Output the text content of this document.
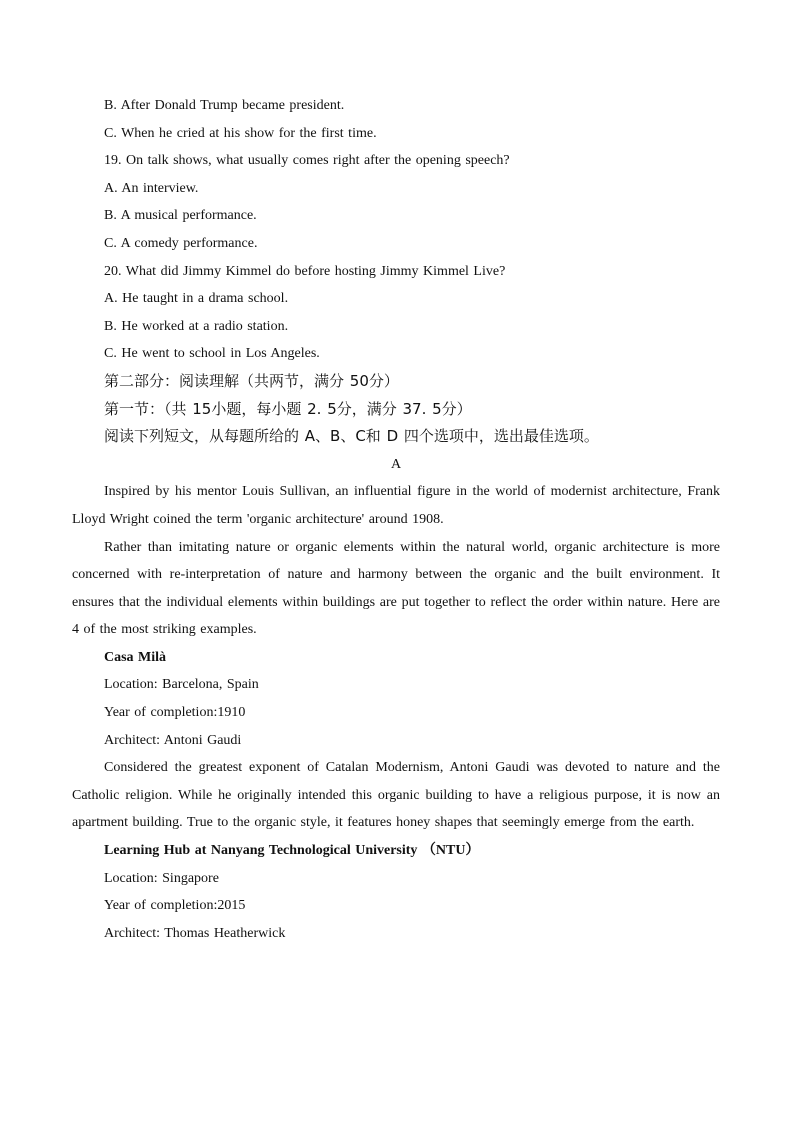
B. After Donald Trump became president.
C. When he cried at his show for the first time.
19. On talk shows, what usually comes right after the opening speech?
A. An interview.
B. A musical performance.
C. A comedy performance.
20. What did Jimmy Kimmel do before hosting Jimmy Kimmel Live?
A. He taught in a drama school.
B. He worked at a radio station.
C. He went to school in Los Angeles.
第二部分：阅读理解（共两节，满分 50分）
第一节：（共 15小题，每小题 2. 5分，满分 37. 5分）
阅读下列短文，从每题所给的 A、B、C和 D 四个选项中，选出最佳选项。
A
Inspired by his mentor Louis Sullivan, an influential figure in the world of modernist architecture, Frank Lloyd Wright coined the term 'organic architecture' around 1908.
Rather than imitating nature or organic elements within the natural world, organic architecture is more concerned with re-interpretation of nature and harmony between the organic and the built environment. It ensures that the individual elements within buildings are put together to reflect the order within nature. Here are 4 of the most striking examples.
Casa Milà
Location: Barcelona, Spain
Year of completion:1910
Architect: Antoni Gaudi
Considered the greatest exponent of Catalan Modernism, Antoni Gaudi was devoted to nature and the Catholic religion. While he originally intended this organic building to have a religious purpose, it is now an apartment building. True to the organic style, it features honey shapes that seemingly emerge from the earth.
Learning Hub at Nanyang Technological University （NTU）
Location: Singapore
Year of completion:2015
Architect: Thomas Heatherwick
